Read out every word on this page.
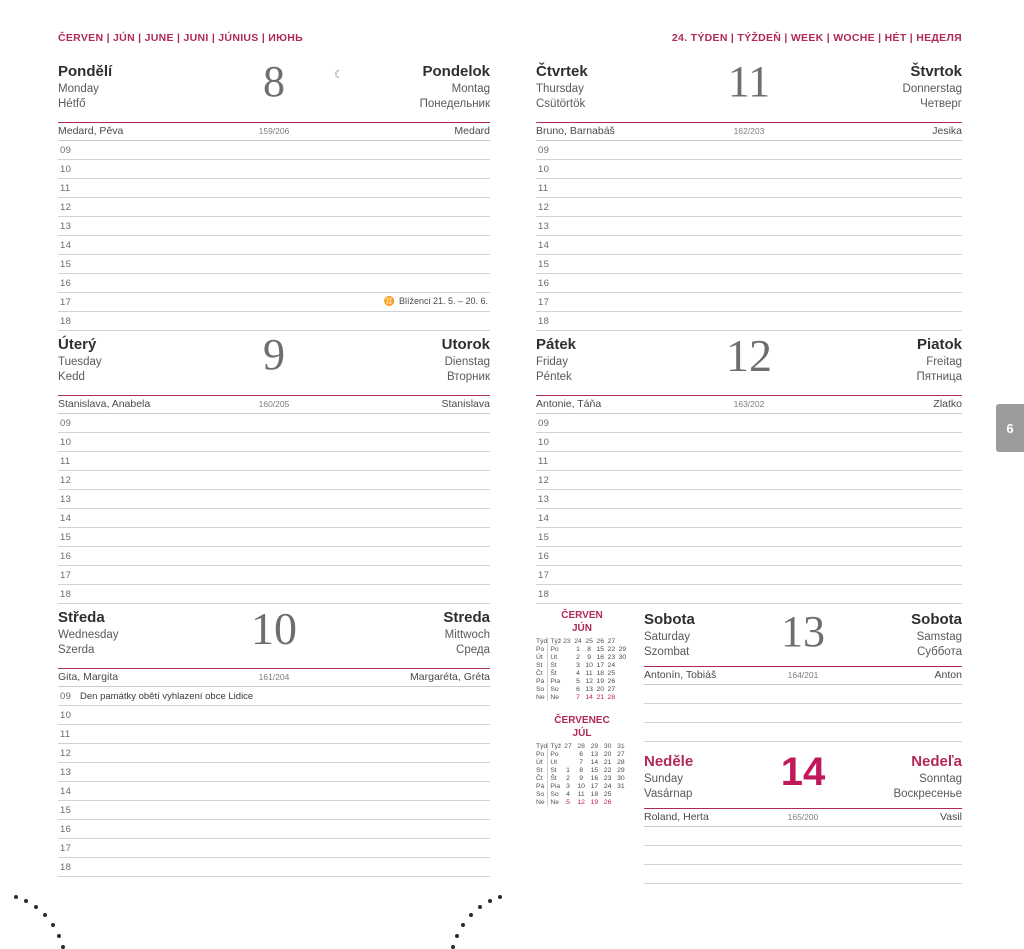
ČERVEN | JÚN | JUNE | JUNI | JÚNIUS | ИЮНЬ
Pondělí
Monday
Hétfő	8	☾	Pondelok
Montag
Понедельник
Medard, Pěva	159/206	Medard
09
10
11
12
13
14
15
16
17	♊ Blíženci 21. 5. – 20. 6.
18
Úterý
Tuesday
Kedd	9	Utorok
Dienstag
Вторник
Stanislava, Anabela	160/205	Stanislava
09
10
11
12
13
14
15
16
17
18
Středa
Wednesday
Szerda	10	Streda
Mittwoch
Среда
Gita, Margita	161/204	Margaréta, Gréta
09 Den památky obětí vyhlazení obce Lidice
10
11
12
13
14
15
16
17
18
24. TÝDEN | TÝŽDEŇ | WEEK | WOCHE | HÉT | НЕДЕЛЯ
Čtvrtek
Thursday
Csütörtök	11	Štvrtok
Donnerstag
Четверг
Bruno, Barnabáš	162/203	Jesika
09
10
11
12
13
14
15
16
17
18
Pátek
Friday
Péntek	12	Piatok
Freitag
Пятница
Antonie, Táňa	163/202	Zlatko
09
10
11
12
13
14
15
16
17
18
ČERVEN
JÚN
Týd	Týž	23	24	25	26	27	
Po	Po		1	8	15	22	29
Út	Ut		2	9	16	23	30
St	St		3	10	17	24	
Čt	Št		4	11	18	25	
Pá	Pia		5	12	19	26	
So	So		6	13	20	27	
Ne	Ne		7	14	21	28	
ČERVENEC
JÚL
Týd	Týž	27	28	29	30	31
Po	Po		6	13	20	27
Út	Ut		7	14	21	28
St	St	1	8	15	22	29
Čt	Št	2	9	16	23	30
Pá	Pia	3	10	17	24	31
So	So	4	11	18	25	
Ne	Ne	5	12	19	26	
Sobota
Saturday
Szombat	13	Sobota
Samstag
Суббота
Antonín, Tobiáš	164/201	Anton
Neděle
Sunday
Vasárnap	14	Nedeľa
Sonntag
Воскресенье
Roland, Herta	165/200	Vasil
6
